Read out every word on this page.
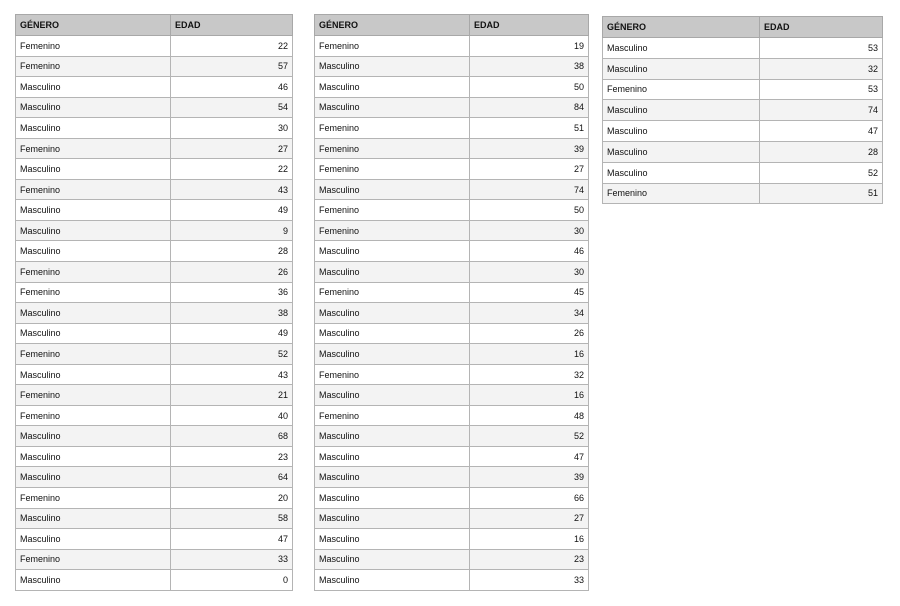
GÉNERO	EDAD
Femenino	22
Femenino	57
Masculino	46
Masculino	54
Masculino	30
Femenino	27
Masculino	22
Femenino	43
Masculino	49
Masculino	9
Masculino	28
Femenino	26
Femenino	36
Masculino	38
Masculino	49
Femenino	52
Masculino	43
Femenino	21
Femenino	40
Masculino	68
Masculino	23
Masculino	64
Femenino	20
Masculino	58
Masculino	47
Femenino	33
Masculino	0
GÉNERO	EDAD
Femenino	19
Masculino	38
Masculino	50
Masculino	84
Femenino	51
Femenino	39
Femenino	27
Masculino	74
Femenino	50
Femenino	30
Masculino	46
Masculino	30
Femenino	45
Masculino	34
Masculino	26
Masculino	16
Femenino	32
Masculino	16
Femenino	48
Masculino	52
Masculino	47
Masculino	39
Masculino	66
Masculino	27
Masculino	16
Masculino	23
Masculino	33
GÉNERO	EDAD
Masculino	53
Masculino	32
Femenino	53
Masculino	74
Masculino	47
Masculino	28
Masculino	52
Femenino	51
